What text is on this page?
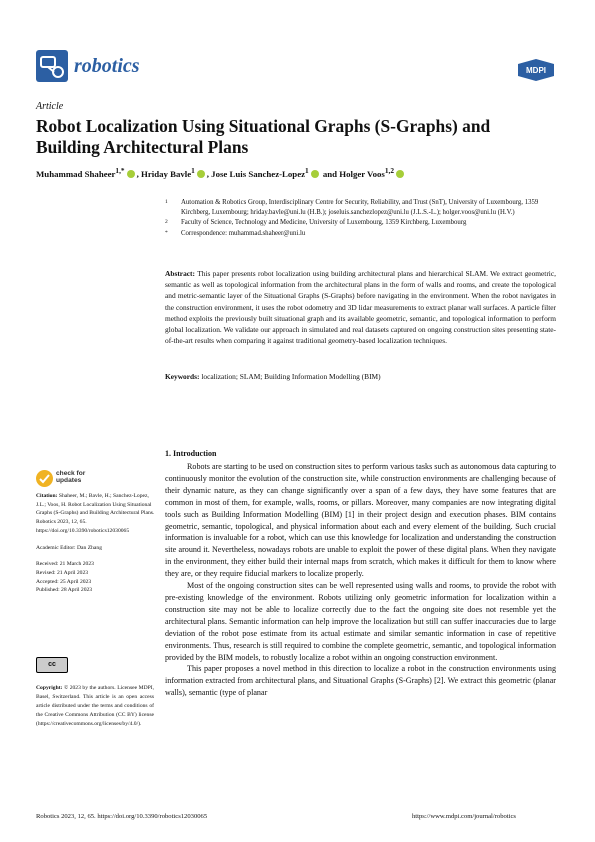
robotics	MDPI
Article
Robot Localization Using Situational Graphs (S-Graphs) and Building Architectural Plans
Muhammad Shaheer$^{1,*}$ , Hriday Bavle$^1$ , Jose Luis Sanchez-Lopez$^1$ and Holger Voos$^{1,2}$
1 Automation & Robotics Group, Interdisciplinary Centre for Security, Reliability, and Trust (SnT), University of Luxembourg, 1359 Kirchberg, Luxembourg; hriday.bavle@uni.lu (H.B.); joseluis.sanchezlopez@uni.lu (J.L.S.-L.); holger.voos@uni.lu (H.V.)
2 Faculty of Science, Technology and Medicine, University of Luxembourg, 1359 Kirchberg, Luxembourg
* Correspondence: muhammad.shaheer@uni.lu
Abstract: This paper presents robot localization using building architectural plans and hierarchical SLAM. We extract geometric, semantic as well as topological information from the architectural plans in the form of walls and rooms, and create the topological and metric-semantic layer of the Situational Graphs (S-Graphs) before navigating in the environment. When the robot navigates in the construction environment, it uses the robot odometry and 3D lidar measurements to extract planar wall surfaces. A particle filter method exploits the previously built situational graph and its available geometric, semantic, and topological information to perform global localization. We validate our approach in simulated and real datasets captured on ongoing construction sites presenting state-of-the-art results when comparing it against traditional geometry-based localization techniques.
Keywords: localization; SLAM; Building Information Modelling (BIM)
1. Introduction

Robots are starting to be used on construction sites to perform various tasks such as autonomous data capturing to continuously monitor the evolution of the construction site, while construction environments are challenging because of their dynamic nature, as they can change significantly over a span of a few days, they have some features that are common in most of them, for example, walls, rooms, or pillars. Moreover, many companies are now integrating digital tools such as Building Information Modelling (BIM) [1] in their project design and execution phases. BIM contains geometric, semantic, topological, and physical information about each and every element of the building. Such crucial information is invaluable for a robot, which can use this knowledge for localization and understanding the construction site around it. Nevertheless, nowadays robots are unable to exploit the power of these digital plans. When they navigate in the environment, they either build their internal maps from scratch, which makes it difficult for them to know where they are, or they require fiducial markers to localize properly.

Most of the ongoing construction sites can be well represented using walls and rooms, to provide the robot with pre-existing knowledge of the environment. Robots utilizing only geometric information for localization within a construction site may not be able to localize correctly due to the fact the ongoing site does not resemble yet the architectural plans. Semantic information can help improve the localization but still can suffer inaccuracies due to large deviation of the robot pose estimate from its actual estimate and similar semantic information in case of repetitive environments. Thus, research is still required to combine the complete geometric, semantic, and topological information provided by the BIM models, to robustly localize a robot within an ongoing construction environment.

This paper proposes a novel method in this direction to localize a robot in the construction environments using information extracted from architectural plans, and Situational Graphs (S-Graphs) [2]. We extract this geometric (planar walls), semantic (type of planar

check for
updates
Citation: Shaheer, M.; Bavle, H.; Sanchez-Lopez, J.L.; Voos, H. Robot Localization Using Situational Graphs (S-Graphs) and Building Architectural Plans. Robotics 2023, 12, 65. https://doi.org/10.3390/robotics12030065
Academic Editor: Dan Zhang
Received: 21 March 2023
Revised: 21 April 2023
Accepted: 25 April 2023
Published: 28 April 2023
cc
Copyright: © 2023 by the authors. Licensee MDPI, Basel, Switzerland. This article is an open access article distributed under the terms and conditions of the Creative Commons Attribution (CC BY) license (https://creativecommons.org/licenses/by/4.0/).
Robotics 2023, 12, 65. https://doi.org/10.3390/robotics12030065	https://www.mdpi.com/journal/robotics
